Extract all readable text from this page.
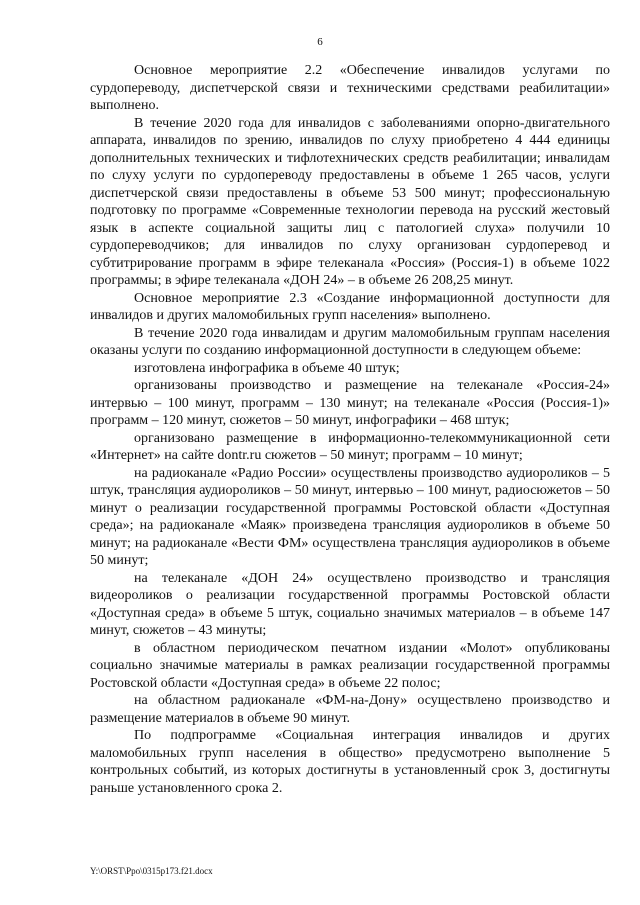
6

Основное мероприятие 2.2 «Обеспечение инвалидов услугами по сурдопереводу, диспетчерской связи и техническими средствами реабилитации» выполнено.

В течение 2020 года для инвалидов с заболеваниями опорно-двигательного аппарата, инвалидов по зрению, инвалидов по слуху приобретено 4 444 единицы дополнительных технических и тифлотехнических средств реабилитации; инвалидам по слуху услуги по сурдопереводу предоставлены в объеме 1 265 часов, услуги диспетчерской связи предоставлены в объеме 53 500 минут; профессиональную подготовку по программе «Современные технологии перевода на русский жестовый язык в аспекте социальной защиты лиц с патологией слуха» получили 10 сурдопереводчиков; для инвалидов по слуху организован сурдоперевод и субтитрирование программ в эфире телеканала «Россия» (Россия-1) в объеме 1022 программы; в эфире телеканала «ДОН 24» – в объеме 26 208,25 минут.

Основное мероприятие 2.3 «Создание информационной доступности для инвалидов и других маломобильных групп населения» выполнено.

В течение 2020 года инвалидам и другим маломобильным группам населения оказаны услуги по созданию информационной доступности в следующем объеме:

изготовлена инфографика в объеме 40 штук;

организованы производство и размещение на телеканале «Россия-24» интервью – 100 минут, программ – 130 минут; на телеканале «Россия (Россия-1)» программ – 120 минут, сюжетов – 50 минут, инфографики – 468 штук;

организовано размещение в информационно-телекоммуникационной сети «Интернет» на сайте dontr.ru сюжетов – 50 минут; программ – 10 минут;

на радиоканале «Радио России» осуществлены производство аудиороликов – 5 штук, трансляция аудиороликов – 50 минут, интервью – 100 минут, радиосюжетов – 50 минут о реализации государственной программы Ростовской области «Доступная среда»; на радиоканале «Маяк» произведена трансляция аудиороликов в объеме 50 минут; на радиоканале «Вести ФМ» осуществлена трансляция аудиороликов в объеме 50 минут;

на телеканале «ДОН 24» осуществлено производство и трансляция видеороликов о реализации государственной программы Ростовской области «Доступная среда» в объеме 5 штук, социально значимых материалов – в объеме 147 минут, сюжетов – 43 минуты;

в областном периодическом печатном издании «Молот» опубликованы социально значимые материалы в рамках реализации государственной программы Ростовской области «Доступная среда» в объеме 22 полос;

на областном радиоканале «ФМ-на-Дону» осуществлено производство и размещение материалов в объеме 90 минут.

По подпрограмме «Социальная интеграция инвалидов и других маломобильных групп населения в общество» предусмотрено выполнение 5 контрольных событий, из которых достигнуты в установленный срок 3, достигнуты раньше установленного срока 2.

Y:\ORST\Ppo\0315p173.f21.docx
